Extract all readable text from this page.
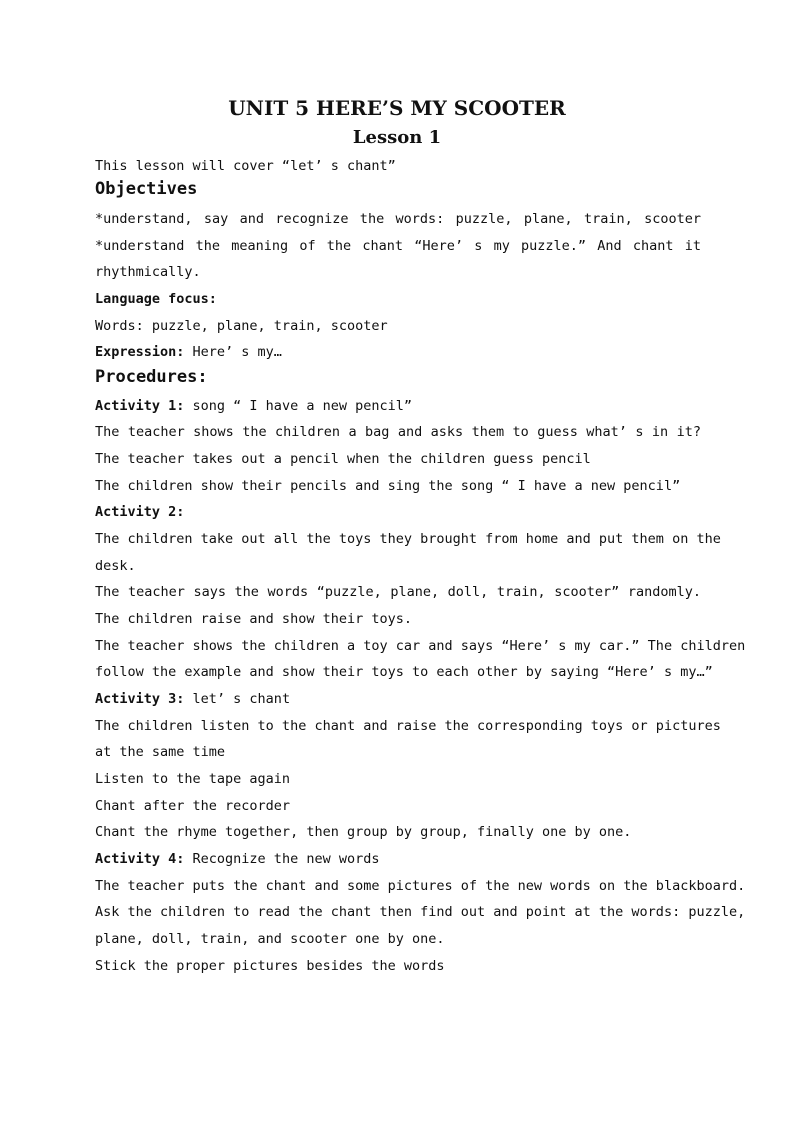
UNIT 5 HERE’S MY SCOOTER
Lesson 1
This lesson will cover “let’ s chant”
Objectives
*understand, say and recognize the words: puzzle, plane, train, scooter
*understand the meaning of the chant “Here’ s my puzzle.” And chant it
rhythmically.
Language focus:
Words: puzzle, plane, train, scooter
Expression: Here’ s my…
Procedures:
Activity 1: song “ I have a new pencil”
The teacher shows the children a bag and asks them to guess what’ s in it?
The teacher takes out a pencil when the children guess pencil
The children show their pencils and sing the song “ I have a new pencil”
Activity 2:
The children take out all the toys they brought from home and put them on the
desk.
The teacher says the words “puzzle, plane, doll, train, scooter” randomly.
The children raise and show their toys.
The teacher shows the children a toy car and says “Here’ s my car.” The children
follow the example and show their toys to each other by saying “Here’ s my…”
Activity 3: let’ s chant
The children listen to the chant and raise the corresponding toys or pictures
at the same time
Listen to the tape again
Chant after the recorder
Chant the rhyme together, then group by group, finally one by one.
Activity 4: Recognize the new words
The teacher puts the chant and some pictures of the new words on the blackboard.
Ask the children to read the chant then find out and point at the words: puzzle,
plane, doll, train, and scooter one by one.
Stick the proper pictures besides the words
